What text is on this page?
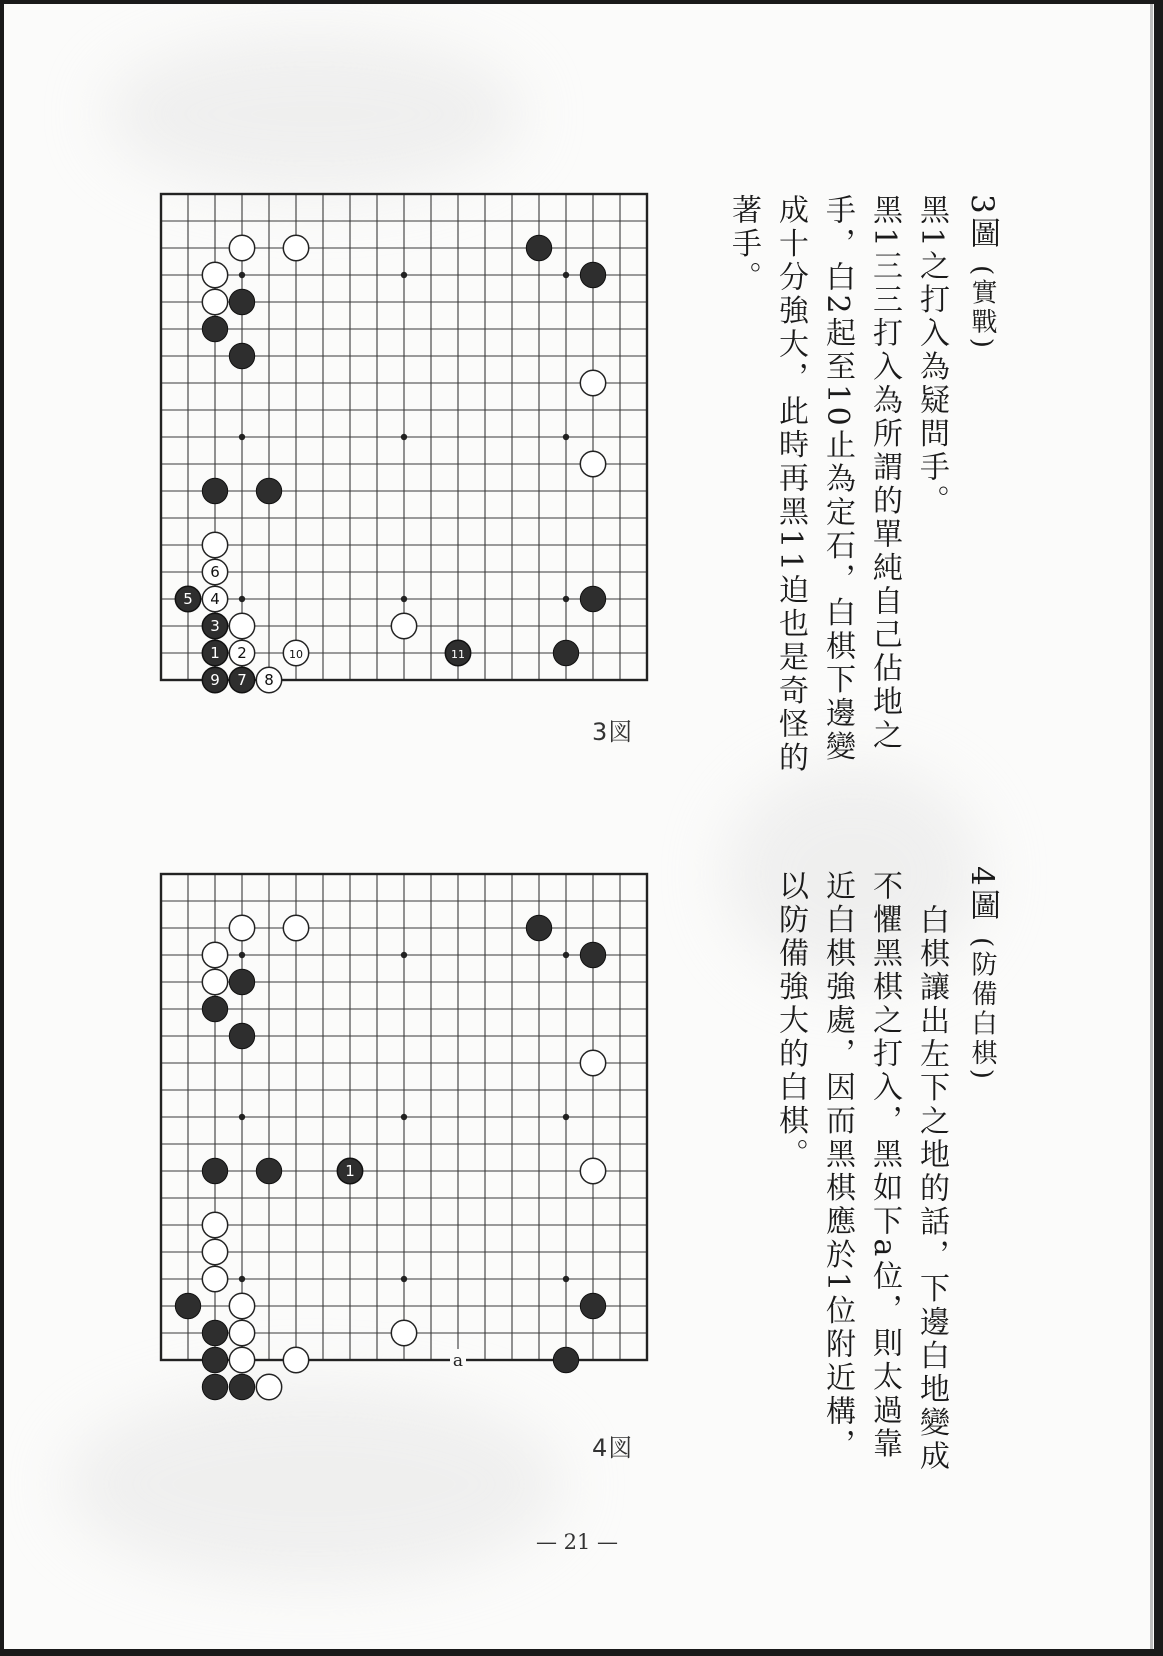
1 2
3
4
5
6
7 8
9
10	11
3図
1
a
4図
3圖 (實戰)
黑1之打入為疑問手。
黑1三三打入為所謂的單純自己佔地之
手，白2起至10止為定石，白棋下邊變
成十分強大，此時再黑11迫也是奇怪的
著手。
4圖 (防備白棋)
白棋讓出左下之地的話，下邊白地變成
不懼黑棋之打入，黑如下a位，則太過靠
近白棋強處，因而黑棋應於1位附近構，
以防備強大的白棋。
— 21 —
